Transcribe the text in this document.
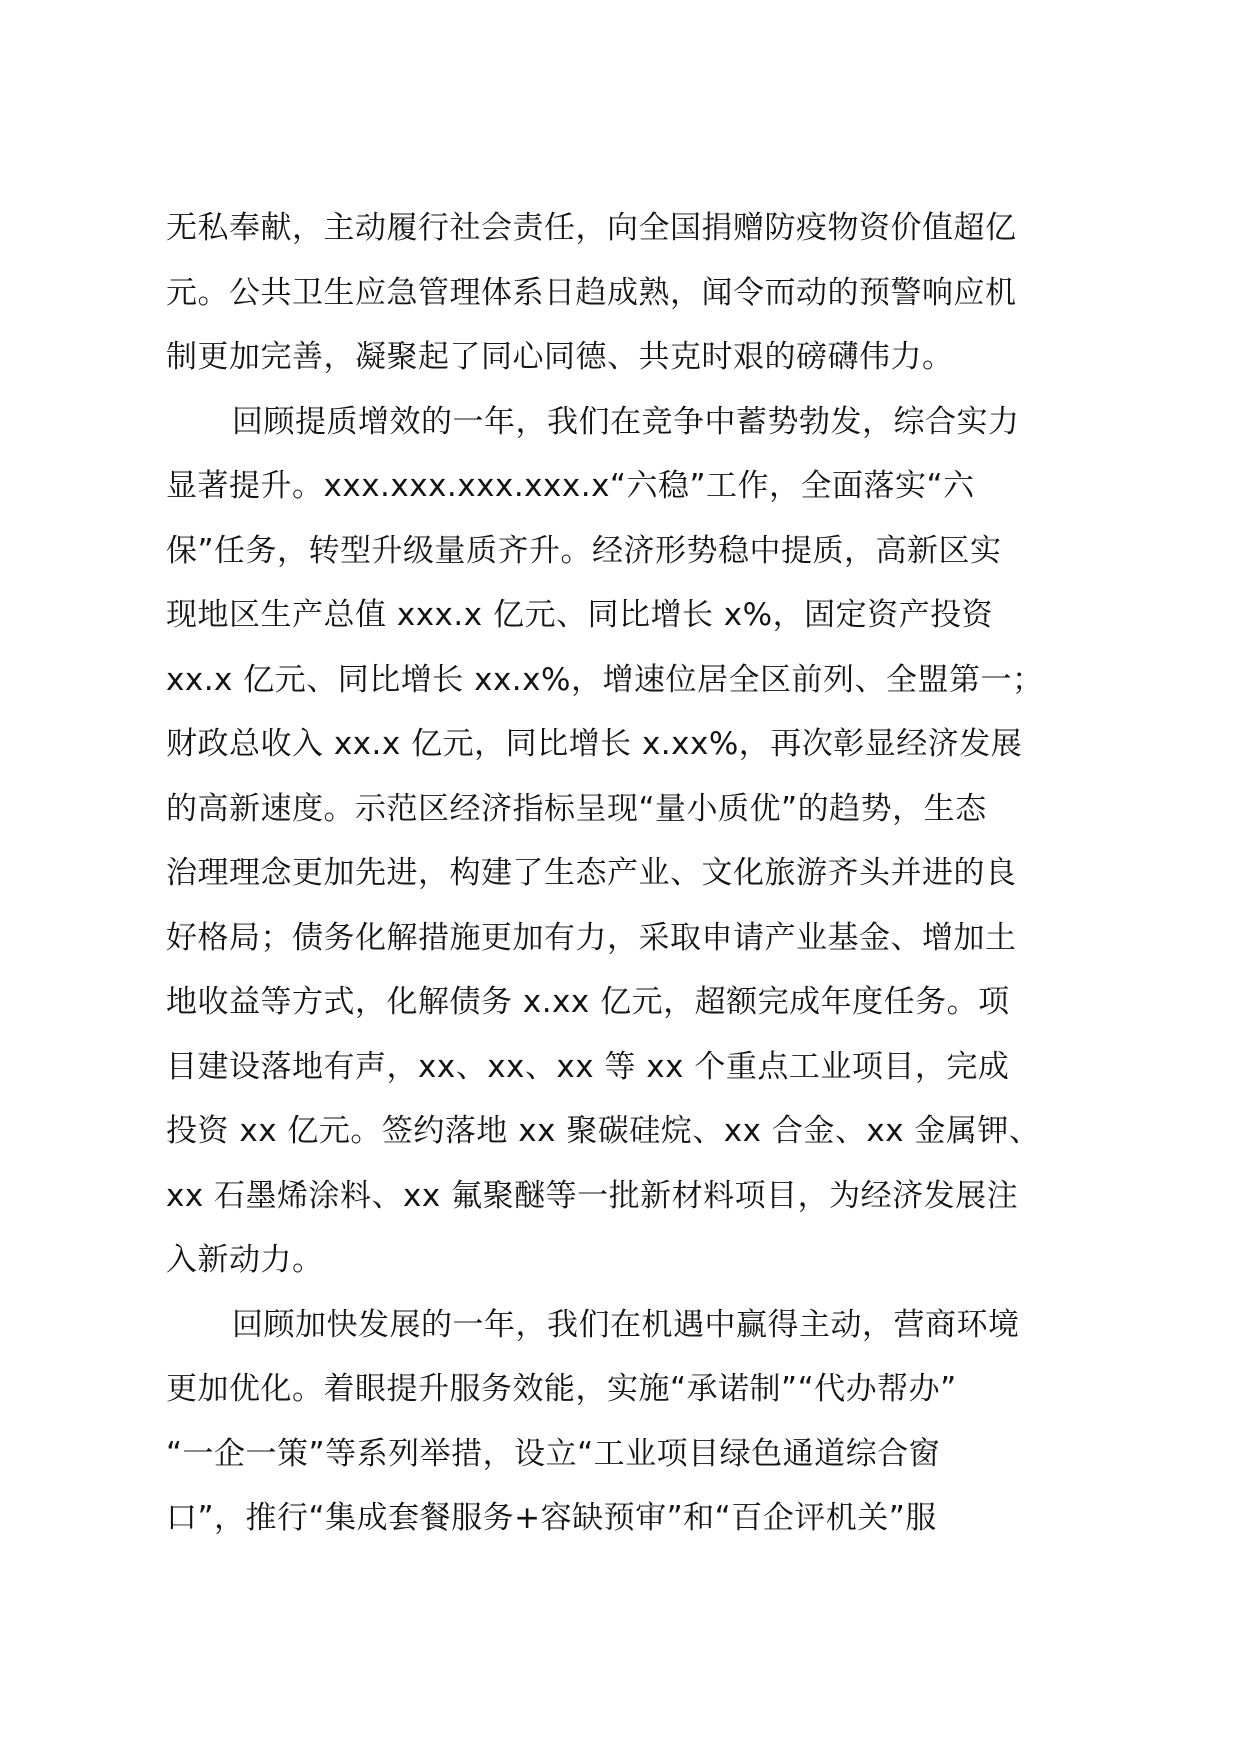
无私奉献，主动履行社会责任，向全国捐赠防疫物资价值超亿
元。公共卫生应急管理体系日趋成熟，闻令而动的预警响应机
制更加完善，凝聚起了同心同德、共克时艰的磅礴伟力。
回顾提质增效的一年，我们在竞争中蓄势勃发，综合实力
显著提升。xxx.xxx.xxx.xxx.x“六稳”工作，全面落实“六
保”任务，转型升级量质齐升。经济形势稳中提质，高新区实
现地区生产总值 xxx.x 亿元、同比增长 x%，固定资产投资
xx.x 亿元、同比增长 xx.x%，增速位居全区前列、全盟第一；
财政总收入 xx.x 亿元，同比增长 x.xx%，再次彰显经济发展
的高新速度。示范区经济指标呈现“量小质优”的趋势，生态
治理理念更加先进，构建了生态产业、文化旅游齐头并进的良
好格局；债务化解措施更加有力，采取申请产业基金、增加土
地收益等方式，化解债务 x.xx 亿元，超额完成年度任务。项
目建设落地有声，xx、xx、xx 等 xx 个重点工业项目，完成
投资 xx 亿元。签约落地 xx 聚碳硅烷、xx 合金、xx 金属钾、
xx 石墨烯涂料、xx 氟聚醚等一批新材料项目，为经济发展注
入新动力。
回顾加快发展的一年，我们在机遇中赢得主动，营商环境
更加优化。着眼提升服务效能，实施“承诺制”“代办帮办”
“一企一策”等系列举措，设立“工业项目绿色通道综合窗
口”，推行“集成套餐服务+容缺预审”和“百企评机关”服
